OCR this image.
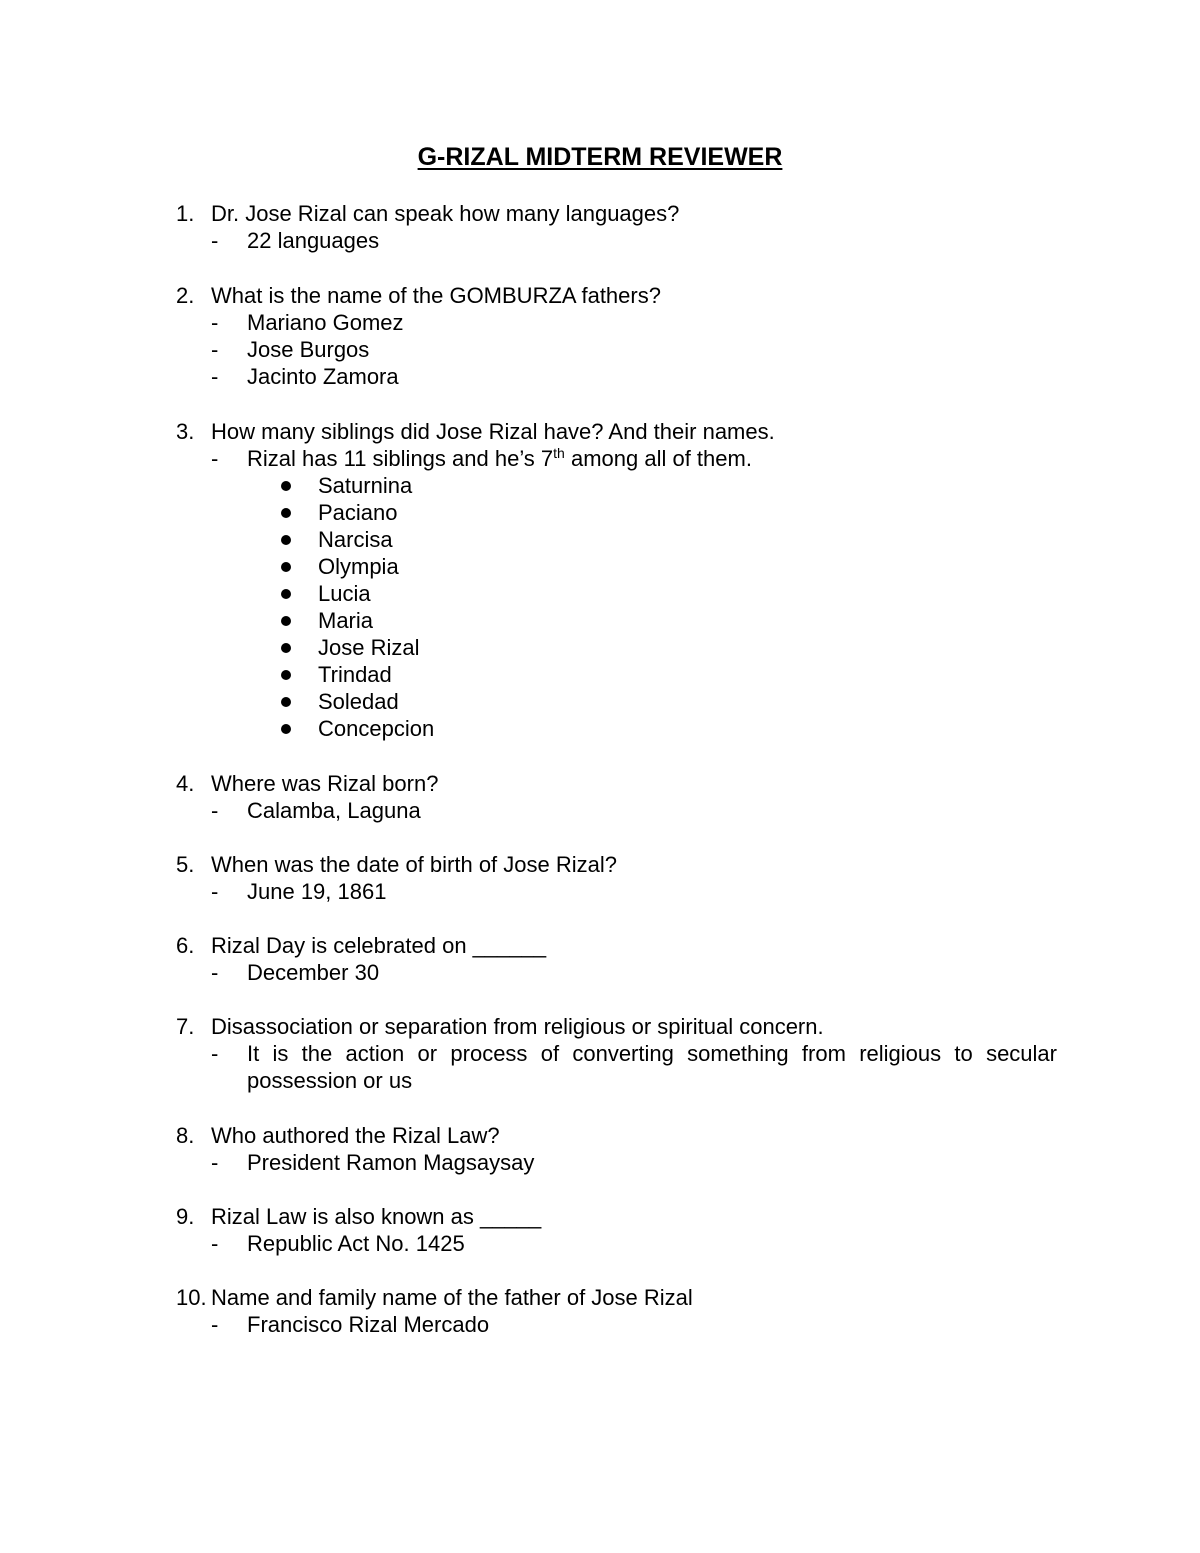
G-RIZAL MIDTERM REVIEWER
1. Dr. Jose Rizal can speak how many languages?
- 22 languages
2. What is the name of the GOMBURZA fathers?
- Mariano Gomez
- Jose Burgos
- Jacinto Zamora
3. How many siblings did Jose Rizal have? And their names.
- Rizal has 11 siblings and he’s 7th among all of them.
Saturnina
Paciano
Narcisa
Olympia
Lucia
Maria
Jose Rizal
Trindad
Soledad
Concepcion
4. Where was Rizal born?
- Calamba, Laguna
5. When was the date of birth of Jose Rizal?
- June 19, 1861
6. Rizal Day is celebrated on ______
- December 30
7. Disassociation or separation from religious or spiritual concern.
- It is the action or process of converting something from religious to secular
possession or us
8. Who authored the Rizal Law?
- President Ramon Magsaysay
9. Rizal Law is also known as _____
- Republic Act No. 1425
10. Name and family name of the father of Jose Rizal
- Francisco Rizal Mercado
